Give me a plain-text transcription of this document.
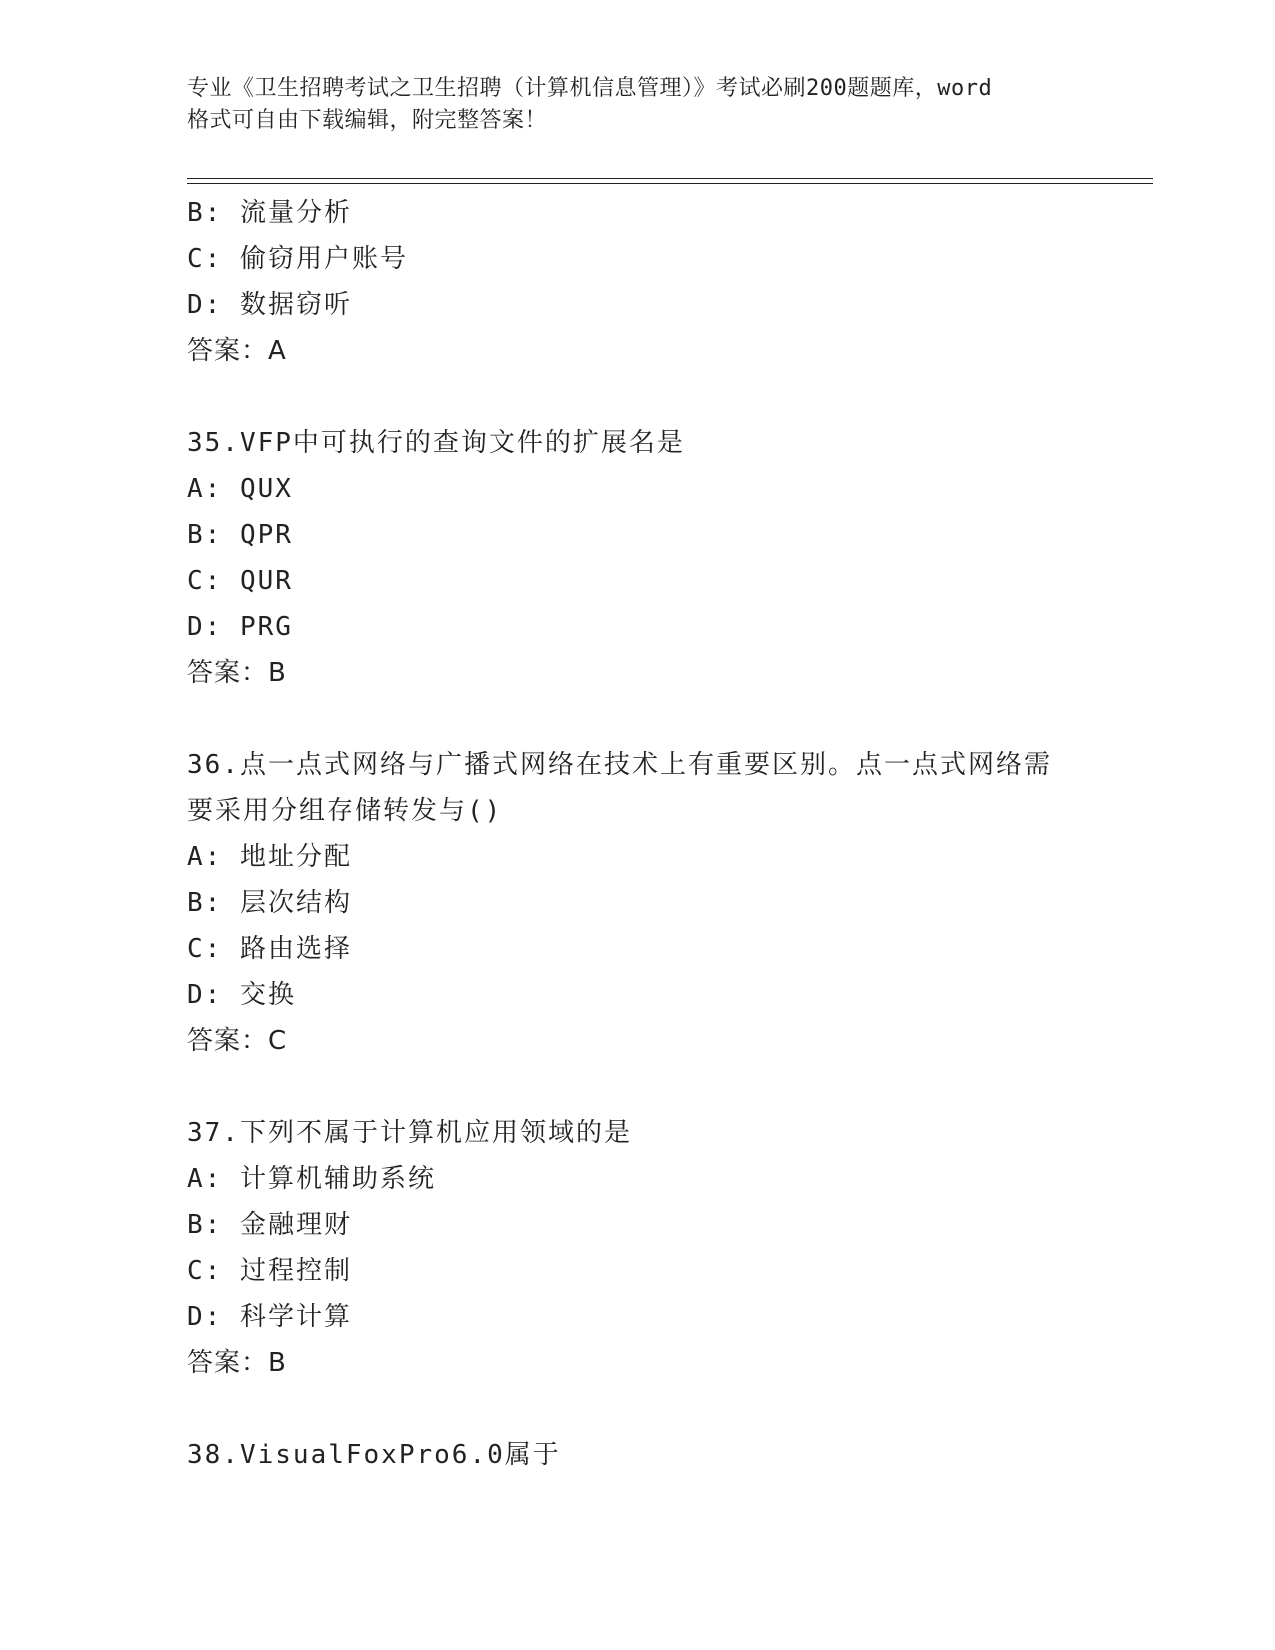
专业《卫生招聘考试之卫生招聘（计算机信息管理）》考试必刷200题题库，word
格式可自由下载编辑，附完整答案！
B: 流量分析
C: 偷窃用户账号
D: 数据窃听
答案：A
35.VFP中可执行的查询文件的扩展名是
A: QUX
B: QPR
C: QUR
D: PRG
答案：B
36.点一点式网络与广播式网络在技术上有重要区别。点一点式网络需
要采用分组存储转发与()
A: 地址分配
B: 层次结构
C: 路由选择
D: 交换
答案：C
37.下列不属于计算机应用领域的是
A: 计算机辅助系统
B: 金融理财
C: 过程控制
D: 科学计算
答案：B
38.VisualFoxPro6.0属于
